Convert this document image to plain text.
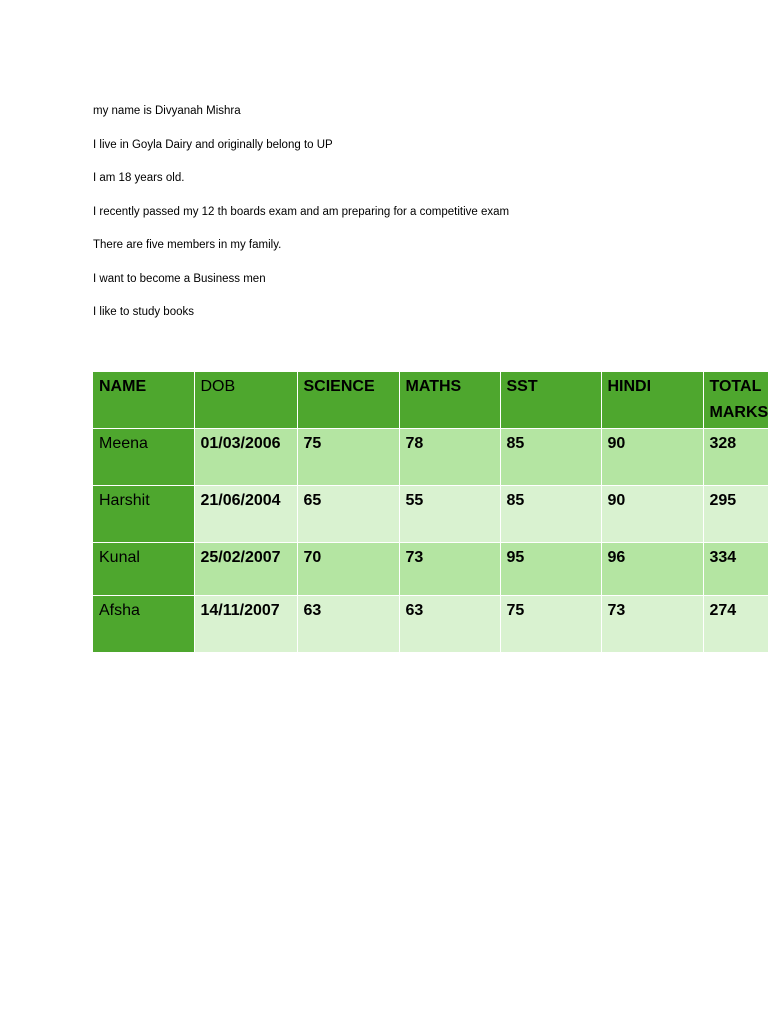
my name is Divyanah Mishra

I live in Goyla Dairy and originally belong to UP

I am 18 years old.

I recently passed my 12 th boards exam and am preparing for a competitive exam

There are five members in my family.

I want to become a Business men

I like to study books

NAME	DOB	SCIENCE	MATHS	SST	HINDI	TOTAL MARKS
Meena	01/03/2006	75	78	85	90	328
Harshit	21/06/2004	65	55	85	90	295
Kunal	25/02/2007	70	73	95	96	334
Afsha	14/11/2007	63	63	75	73	274
